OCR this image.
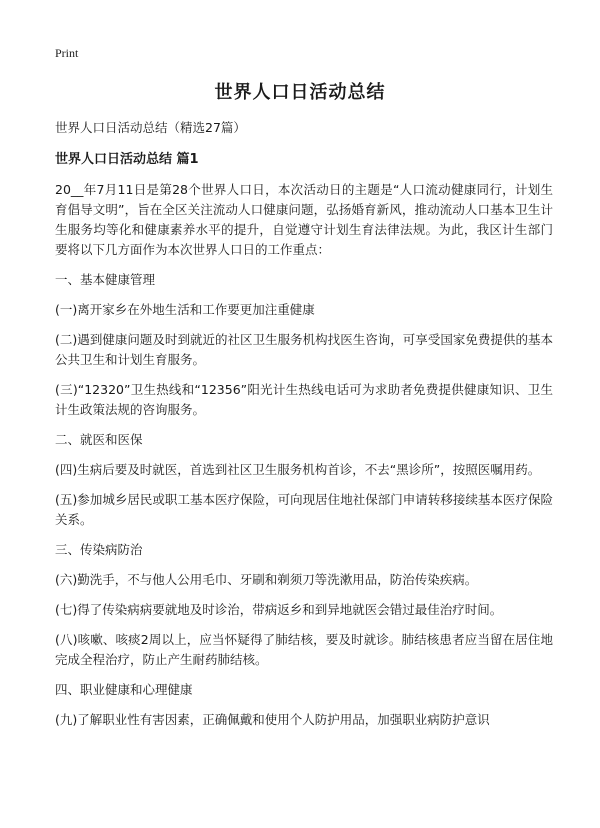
Print
世界人口日活动总结

世界人口日活动总结（精选27篇）

世界人口日活动总结 篇1

20__年7月11日是第28个世界人口日，本次活动日的主题是“人口流动健康同行，计划生育倡导文明”，旨在全区关注流动人口健康问题，弘扬婚育新风，推动流动人口基本卫生计生服务均等化和健康素养水平的提升，自觉遵守计划生育法律法规。为此，我区计生部门要将以下几方面作为本次世界人口日的工作重点：

一、基本健康管理

(一)离开家乡在外地生活和工作要更加注重健康

(二)遇到健康问题及时到就近的社区卫生服务机构找医生咨询，可享受国家免费提供的基本公共卫生和计划生育服务。

(三)“12320”卫生热线和“12356”阳光计生热线电话可为求助者免费提供健康知识、卫生计生政策法规的咨询服务。

二、就医和医保

(四)生病后要及时就医，首选到社区卫生服务机构首诊，不去“黑诊所”，按照医嘱用药。

(五)参加城乡居民或职工基本医疗保险，可向现居住地社保部门申请转移接续基本医疗保险关系。

三、传染病防治

(六)勤洗手，不与他人公用毛巾、牙刷和剃须刀等洗漱用品，防治传染疾病。

(七)得了传染病病要就地及时诊治，带病返乡和到异地就医会错过最佳治疗时间。

(八)咳嗽、咳痰2周以上，应当怀疑得了肺结核，要及时就诊。肺结核患者应当留在居住地完成全程治疗，防止产生耐药肺结核。

四、职业健康和心理健康

(九)了解职业性有害因素，正确佩戴和使用个人防护用品，加强职业病防护意识
